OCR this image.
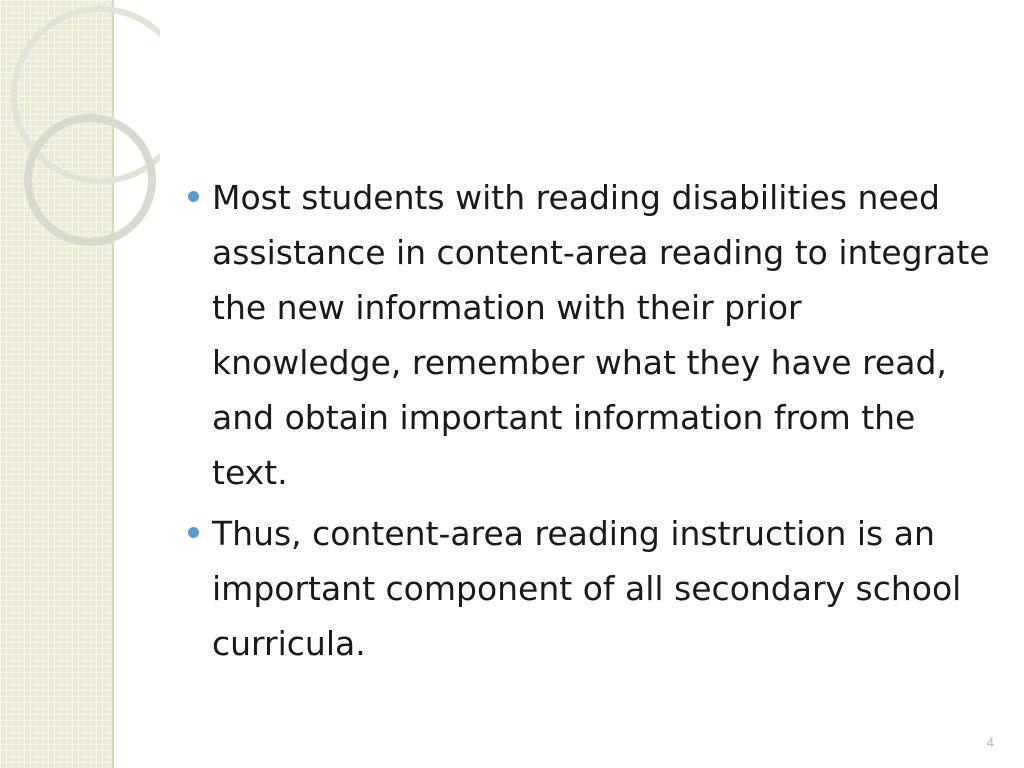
Most students with reading disabilities need assistance in content-area reading to integrate the new information with their prior knowledge, remember what they have read, and obtain important information from the text.
Thus, content-area reading instruction is an important component of all secondary school curricula.
4
